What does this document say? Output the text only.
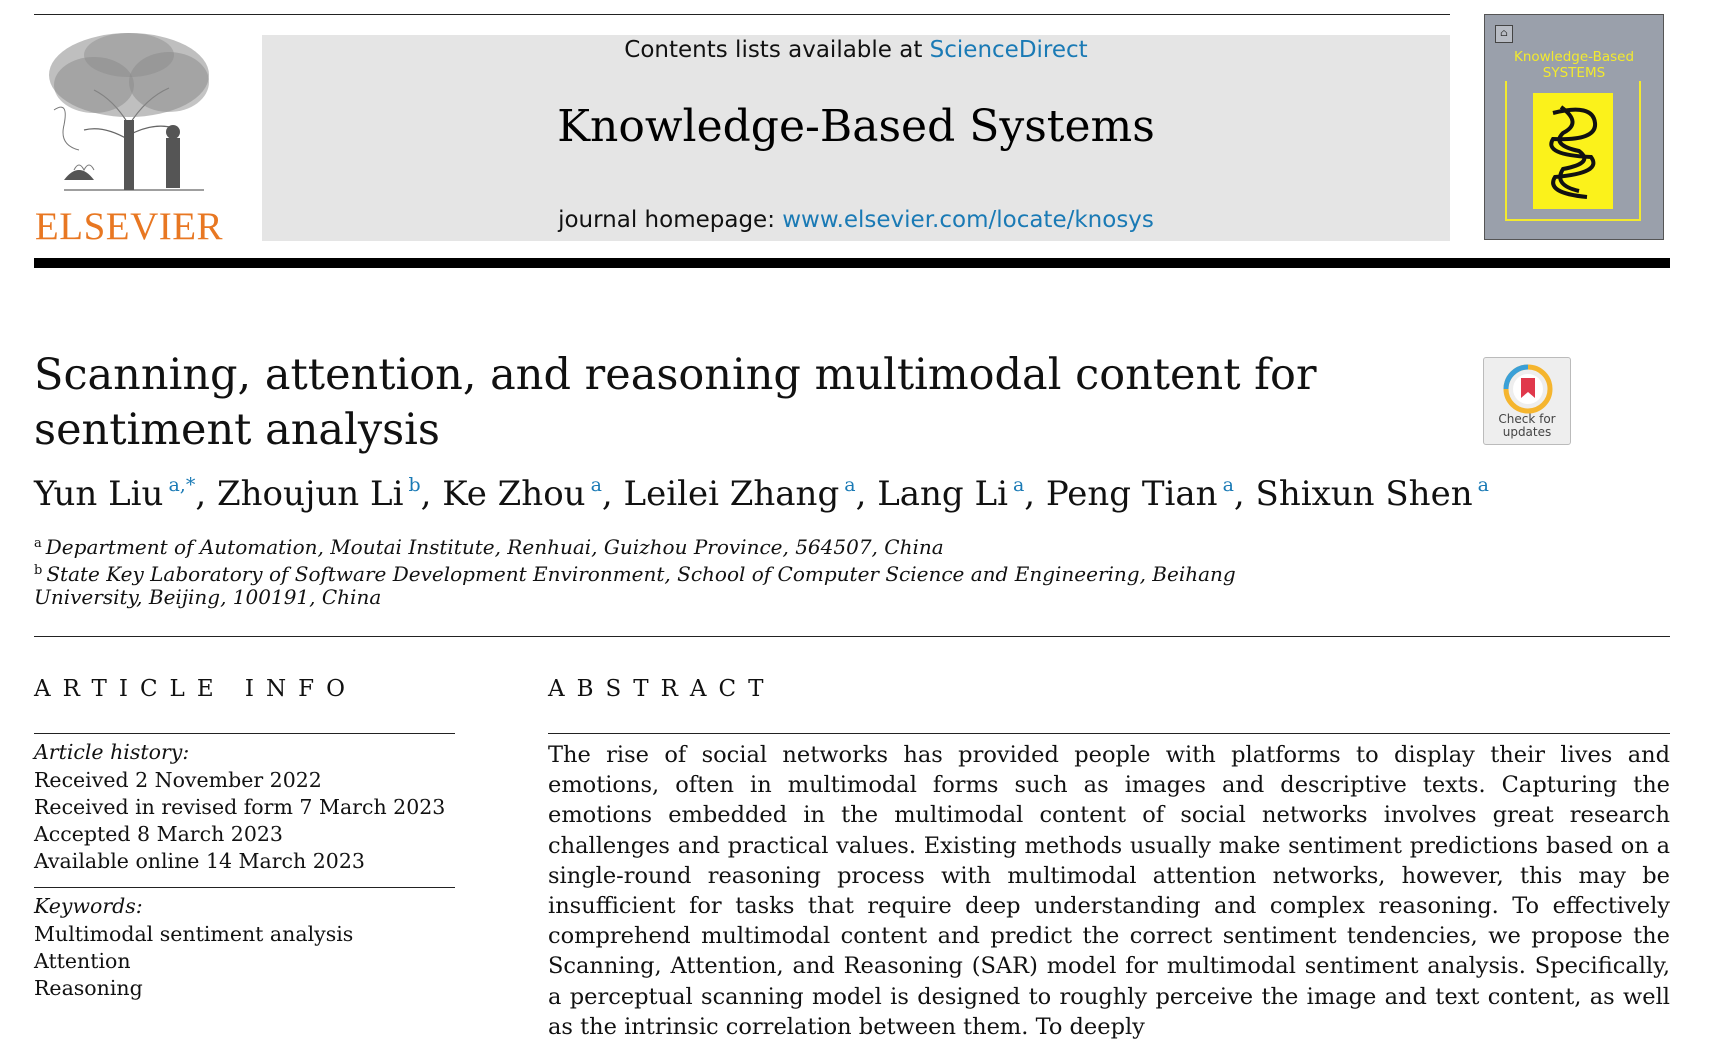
ELSEVIER
Contents lists available at ScienceDirect
Knowledge-Based Systems
journal homepage: www.elsevier.com/locate/knosys
⌂
Knowledge-Based SYSTEMS
Scanning, attention, and reasoning multimodal content for sentiment analysis	Check for updates
Yun Liu $^{a,*}$, Zhoujun Li $^b$, Ke Zhou $^a$, Leilei Zhang $^a$, Lang Li $^a$, Peng Tian $^a$, Shixun Shen $^a$
$^a$ Department of Automation, Moutai Institute, Renhuai, Guizhou Province, 564507, China
$^b$ State Key Laboratory of Software Development Environment, School of Computer Science and Engineering, Beihang
University, Beijing, 100191, China
ARTICLE INFO
Article history:
Received 2 November 2022
Received in revised form 7 March 2023
Accepted 8 March 2023
Available online 14 March 2023
Keywords:
Multimodal sentiment analysis
Attention
Reasoning
ABSTRACT

The rise of social networks has provided people with platforms to display their lives and emotions, often in multimodal forms such as images and descriptive texts. Capturing the emotions embedded in the multimodal content of social networks involves great research challenges and practical values. Existing methods usually make sentiment predictions based on a single-round reasoning process with multimodal attention networks, however, this may be insufficient for tasks that require deep understanding and complex reasoning. To effectively comprehend multimodal content and predict the correct sentiment tendencies, we propose the Scanning, Attention, and Reasoning (SAR) model for multimodal sentiment analysis. Specifically, a perceptual scanning model is designed to roughly perceive the image and text content, as well as the intrinsic correlation between them. To deeply
